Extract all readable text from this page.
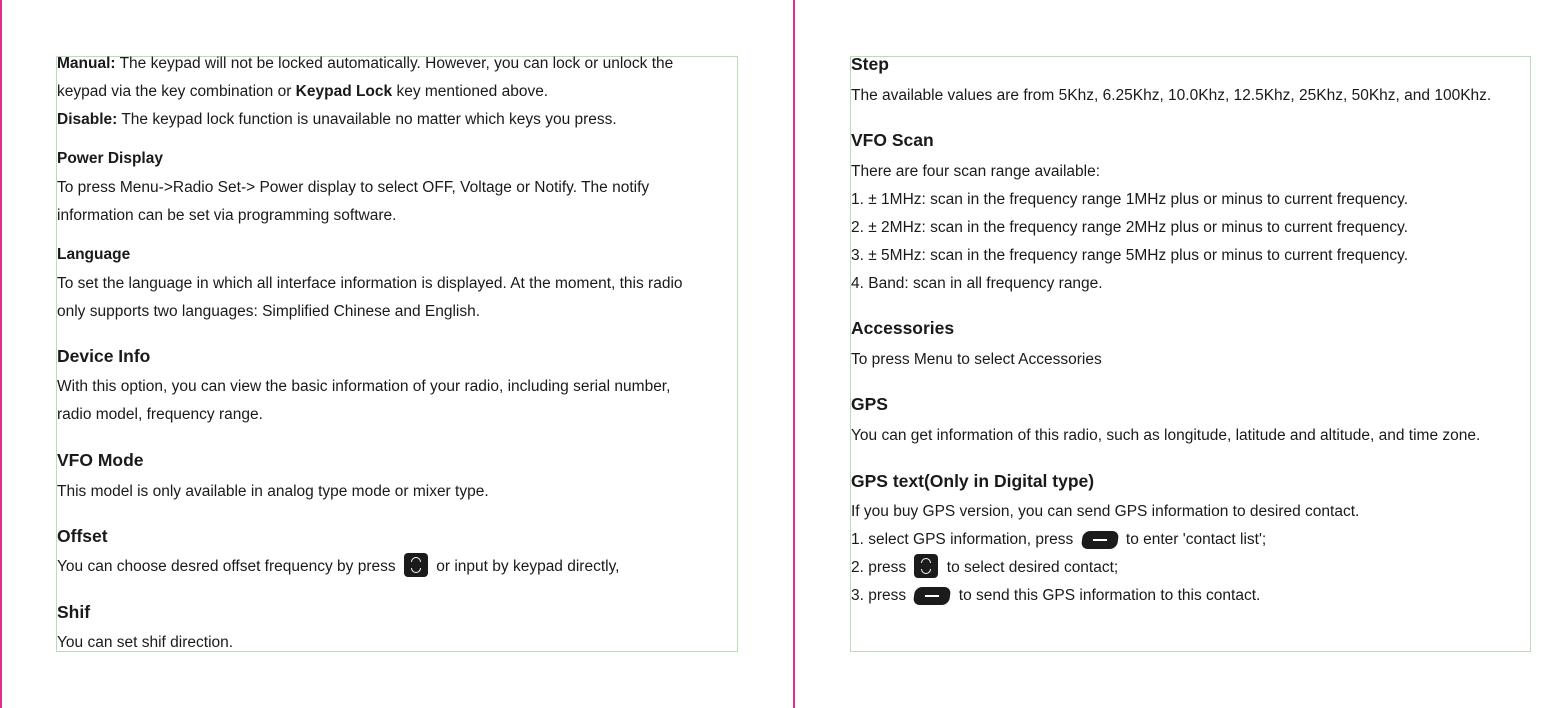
Manual: The keypad will not be locked automatically. However, you can lock or unlock the
keypad via the key combination or Keypad Lock key mentioned above.
Disable: The keypad lock function is unavailable no matter which keys you press.
Power Display
To press Menu->Radio Set-> Power display to select OFF, Voltage or Notify. The notify
information can be set via programming software.
Language
To set the language in which all interface information is displayed. At the moment, this radio
only supports two languages: Simplified Chinese and English.
Device Info
With this option, you can view the basic information of your radio, including serial number,
radio model, frequency range.
VFO Mode
This model is only available in analog type mode or mixer type.
Offset
You can choose desred offset frequency by press	or input by keypad directly,
Shif
You can set shif direction.
Step
The available values are from 5Khz, 6.25Khz, 10.0Khz, 12.5Khz, 25Khz, 50Khz, and 100Khz.
VFO Scan
There are four scan range available:
1. ± 1MHz: scan in the frequency range 1MHz plus or minus to current frequency.
2. ± 2MHz: scan in the frequency range 2MHz plus or minus to current frequency.
3. ± 5MHz: scan in the frequency range 5MHz plus or minus to current frequency.
4. Band: scan in all frequency range.
Accessories
To press Menu to select Accessories
GPS
You can get information of this radio, such as longitude, latitude and altitude, and time zone.
GPS text(Only in Digital type)
If you buy GPS version, you can send GPS information to desired contact.
1. select GPS information, press	to enter 'contact list';
2. press	to select desired contact;
3. press	to send this GPS information to this contact.
